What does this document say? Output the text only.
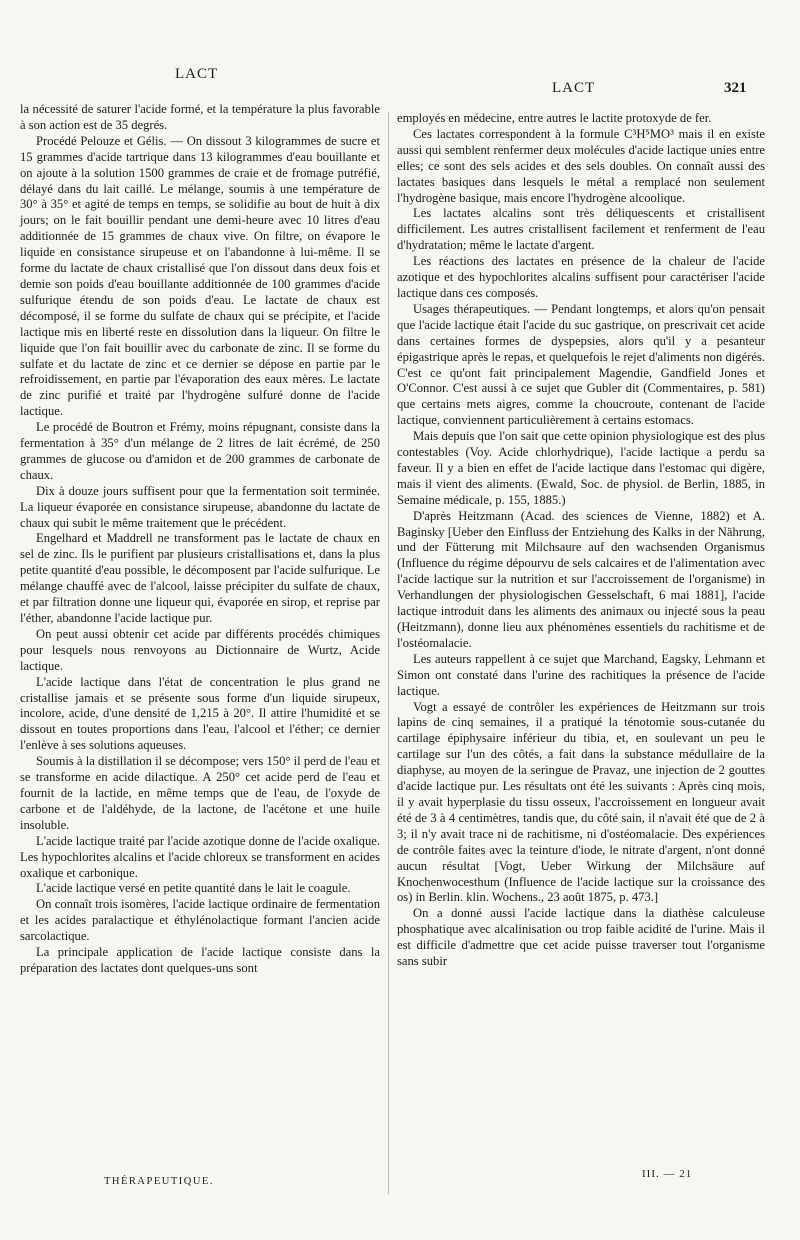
LACT
LACT	321

la nécessité de saturer l'acide formé, et la température la plus favorable à son action est de 35 degrés.

Procédé Pelouze et Gélis. — On dissout 3 kilogrammes de sucre et 15 grammes d'acide tartrique dans 13 kilogrammes d'eau bouillante et on ajoute à la solution 1500 grammes de craie et de fromage putréfié, délayé dans du lait caillé. Le mélange, soumis à une température de 30° à 35° et agité de temps en temps, se solidifie au bout de huit à dix jours; on le fait bouillir pendant une demi-heure avec 10 litres d'eau additionnée de 15 grammes de chaux vive. On filtre, on évapore le liquide en consistance sirupeuse et on l'abandonne à lui-même. Il se forme du lactate de chaux cristallisé que l'on dissout dans deux fois et demie son poids d'eau bouillante additionnée de 100 grammes d'acide sulfurique étendu de son poids d'eau. Le lactate de chaux est décomposé, il se forme du sulfate de chaux qui se précipite, et l'acide lactique mis en liberté reste en dissolution dans la liqueur. On filtre le liquide que l'on fait bouillir avec du carbonate de zinc. Il se forme du sulfate et du lactate de zinc et ce dernier se dépose en partie par le refroidissement, en partie par l'évaporation des eaux mères. Le lactate de zinc purifié et traité par l'hydrogène sulfuré donne de l'acide lactique.

Le procédé de Boutron et Frémy, moins répugnant, consiste dans la fermentation à 35° d'un mélange de 2 litres de lait écrémé, de 250 grammes de glucose ou d'amidon et de 200 grammes de carbonate de chaux.

Dix à douze jours suffisent pour que la fermentation soit terminée. La liqueur évaporée en consistance sirupeuse, abandonne du lactate de chaux qui subit le même traitement que le précédent.

Engelhard et Maddrell ne transforment pas le lactate de chaux en sel de zinc. Ils le purifient par plusieurs cristallisations et, dans la plus petite quantité d'eau possible, le décomposent par l'acide sulfurique. Le mélange chauffé avec de l'alcool, laisse précipiter du sulfate de chaux, et par filtration donne une liqueur qui, évaporée en sirop, et reprise par l'éther, abandonne l'acide lactique pur.

On peut aussi obtenir cet acide par différents procédés chimiques pour lesquels nous renvoyons au Dictionnaire de Wurtz, Acide lactique.

L'acide lactique dans l'état de concentration le plus grand ne cristallise jamais et se présente sous forme d'un liquide sirupeux, incolore, acide, d'une densité de 1,215 à 20°. Il attire l'humidité et se dissout en toutes proportions dans l'eau, l'alcool et l'éther; ce dernier l'enlève à ses solutions aqueuses.

Soumis à la distillation il se décompose; vers 150° il perd de l'eau et se transforme en acide dilactique. A 250° cet acide perd de l'eau et fournit de la lactide, en même temps que de l'eau, de l'oxyde de carbone et de l'aldéhyde, de la lactone, de l'acétone et une huile insoluble.

L'acide lactique traité par l'acide azotique donne de l'acide oxalique. Les hypochlorites alcalins et l'acide chloreux se transforment en acides oxalique et carbonique.

L'acide lactique versé en petite quantité dans le lait le coagule.

On connaît trois isomères, l'acide lactique ordinaire de fermentation et les acides paralactique et éthylénolactique formant l'ancien acide sarcolactique.

La principale application de l'acide lactique consiste dans la préparation des lactates dont quelques-uns sont

employés en médecine, entre autres le lactite protoxyde de fer.

Ces lactates correspondent à la formule C³H⁵MO³ mais il en existe aussi qui semblent renfermer deux molécules d'acide lactique unies entre elles; ce sont des sels acides et des sels doubles. On connaît aussi des lactates basiques dans lesquels le métal a remplacé non seulement l'hydrogène basique, mais encore l'hydrogène alcoolique.

Les lactates alcalins sont très déliquescents et cristallisent difficilement. Les autres cristallisent facilement et renferment de l'eau d'hydratation; même le lactate d'argent.

Les réactions des lactates en présence de la chaleur de l'acide azotique et des hypochlorites alcalins suffisent pour caractériser l'acide lactique dans ces composés.

Usages thérapeutiques. — Pendant longtemps, et alors qu'on pensait que l'acide lactique était l'acide du suc gastrique, on prescrivait cet acide dans certaines formes de dyspepsies, alors qu'il y a pesanteur épigastrique après le repas, et quelquefois le rejet d'aliments non digérés. C'est ce qu'ont fait principalement Magendie, Gandfield Jones et O'Connor. C'est aussi à ce sujet que Gubler dit (Commentaires, p. 581) que certains mets aigres, comme la choucroute, contenant de l'acide lactique, conviennent particulièrement à certains estomacs.

Mais depuis que l'on sait que cette opinion physiologique est des plus contestables (Voy. Acide chlorhydrique), l'acide lactique a perdu sa faveur. Il y a bien en effet de l'acide lactique dans l'estomac qui digère, mais il vient des aliments. (Ewald, Soc. de physiol. de Berlin, 1885, in Semaine médicale, p. 155, 1885.)

D'après Heitzmann (Acad. des sciences de Vienne, 1882) et A. Baginsky [Ueber den Einfluss der Entziehung des Kalks in der Nährung, und der Fütterung mit Milchsaure auf den wachsenden Organismus (Influence du régime dépourvu de sels calcaires et de l'alimentation avec l'acide lactique sur la nutrition et sur l'accroissement de l'organisme) in Verhandlungen der physiologischen Gesselschaft, 6 mai 1881], l'acide lactique introduit dans les aliments des animaux ou injecté sous la peau (Heitzmann), donne lieu aux phénomènes essentiels du rachitisme et de l'ostéomalacie.

Les auteurs rappellent à ce sujet que Marchand, Eagsky, Lehmann et Simon ont constaté dans l'urine des rachitiques la présence de l'acide lactique.

Vogt a essayé de contrôler les expériences de Heitzmann sur trois lapins de cinq semaines, il a pratiqué la ténotomie sous-cutanée du cartilage épiphysaire inférieur du tibia, et, en soulevant un peu le cartilage sur l'un des côtés, a fait dans la substance médullaire de la diaphyse, au moyen de la seringue de Pravaz, une injection de 2 gouttes d'acide lactique pur. Les résultats ont été les suivants : Après cinq mois, il y avait hyperplasie du tissu osseux, l'accroissement en longueur avait été de 3 à 4 centimètres, tandis que, du côté sain, il n'avait été que de 2 à 3; il n'y avait trace ni de rachitisme, ni d'ostéomalacie. Des expériences de contrôle faites avec la teinture d'iode, le nitrate d'argent, n'ont donné aucun résultat [Vogt, Ueber Wirkung der Milchsäure auf Knochenwocesthum (Influence de l'acide lactique sur la croissance des os) in Berlin. klin. Wochens., 23 août 1875, p. 473.]

On a donné aussi l'acide lactique dans la diathèse calculeuse phosphatique avec alcalinisation ou trop faible acidité de l'urine. Mais il est difficile d'admettre que cet acide puisse traverser tout l'organisme sans subir

THÉRAPEUTIQUE.
III. — 21
